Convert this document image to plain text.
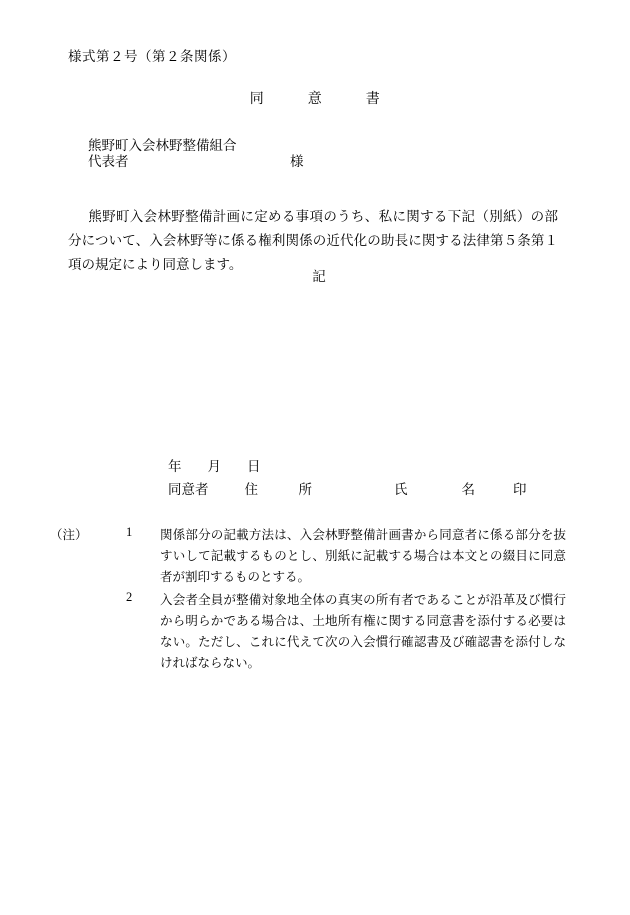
様式第２号（第２条関係）
同　　　意　　　書
熊野町入会林野整備組合
代表者	様
熊野町入会林野整備計画に定める事項のうち、私に関する下記（別紙）の部分について、入会林野等に係る権利関係の近代化の助長に関する法律第５条第１項の規定により同意します。
記
年 月 日
同意者	住　　　所	氏　　　　名	印
（注）	1	関係部分の記載方法は、入会林野整備計画書から同意者に係る部分を抜すいして記載するものとし、別紙に記載する場合は本文との綴目に同意者が割印するものとする。
2	入会者全員が整備対象地全体の真実の所有者であることが沿革及び慣行から明らかである場合は、土地所有権に関する同意書を添付する必要はない。ただし、これに代えて次の入会慣行確認書及び確認書を添付しなければならない。
